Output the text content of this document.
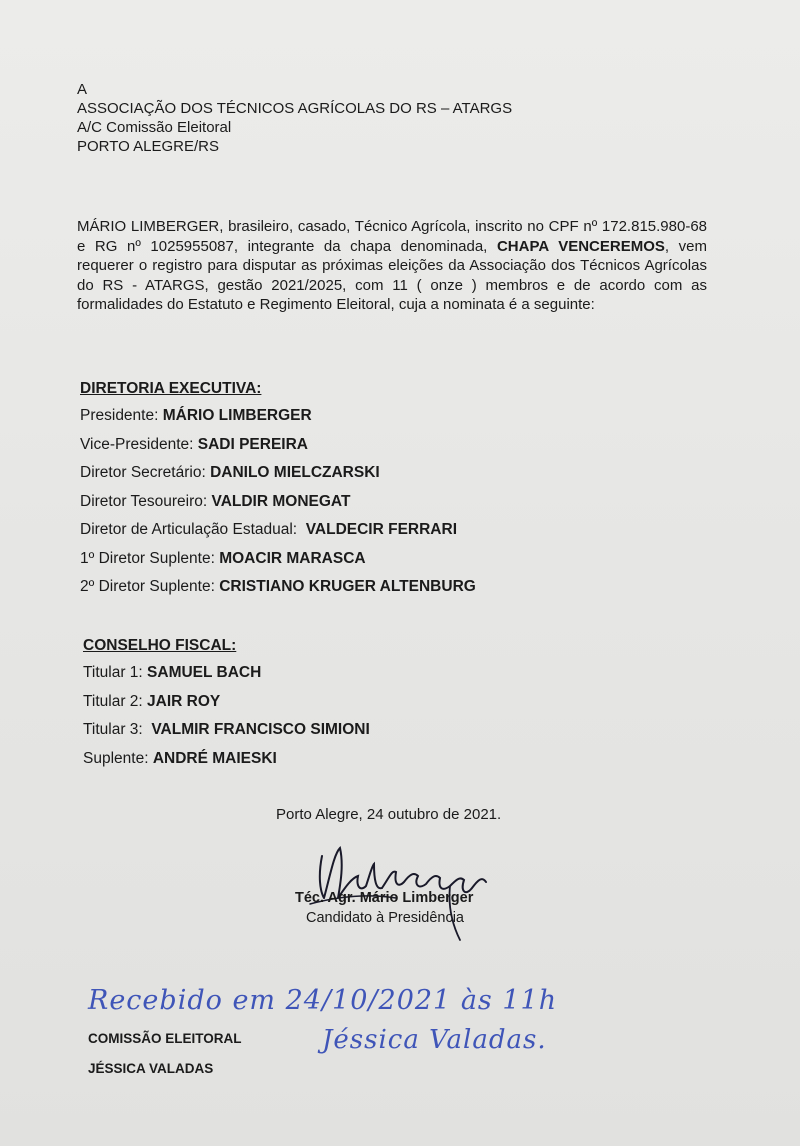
A
ASSOCIAÇÃO DOS TÉCNICOS AGRÍCOLAS DO RS – ATARGS
A/C Comissão Eleitoral
PORTO ALEGRE/RS
MÁRIO LIMBERGER, brasileiro, casado, Técnico Agrícola, inscrito no CPF nº 172.815.980-68 e RG nº 1025955087, integrante da chapa denominada, CHAPA VENCEREMOS, vem requerer o registro para disputar as próximas eleições da Associação dos Técnicos Agrícolas do RS - ATARGS, gestão 2021/2025, com 11 ( onze ) membros e de acordo com as formalidades do Estatuto e Regimento Eleitoral, cuja a nominata é a seguinte:
DIRETORIA EXECUTIVA:
Presidente: MÁRIO LIMBERGER
Vice-Presidente: SADI PEREIRA
Diretor Secretário: DANILO MIELCZARSKI
Diretor Tesoureiro: VALDIR MONEGAT
Diretor de Articulação Estadual:  VALDECIR FERRARI
1º Diretor Suplente: MOACIR MARASCA
2º Diretor Suplente: CRISTIANO KRUGER ALTENBURG
CONSELHO FISCAL:
Titular 1: SAMUEL BACH
Titular 2: JAIR ROY
Titular 3:  VALMIR FRANCISCO SIMIONI
Suplente: ANDRÉ MAIESKI
Porto Alegre, 24 outubro de 2021.
Téc. Agr. Mário Limberger
Candidato à Presidência
Recebido em 24/10/2021 às 11h
Jéssica Valadas.
COMISSÃO ELEITORAL
JÉSSICA VALADAS
